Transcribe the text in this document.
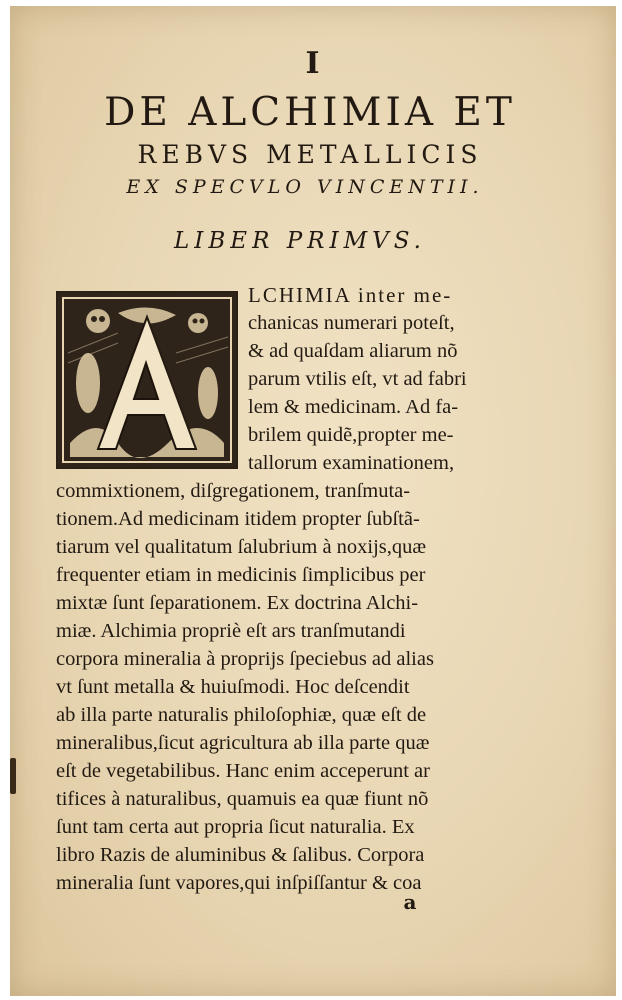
I
DE ALCHIMIA ET
REBVS METALLICIS
EX SPECVLO VINCENTII.
LIBER PRIMVS.
LCHIMIA inter me-
chanicas numerari poteſt,
& ad quaſdam aliarum nõ
parum vtilis eſt, vt ad fabri
lem & medicinam. Ad fa-
brilem quidẽ,propter me-
tallorum examinationem,
commixtionem, diſgregationem, tranſmuta-
tionem.Ad medicinam itidem propter ſubſtã-
tiarum vel qualitatum ſalubrium à noxijs,quæ
frequenter etiam in medicinis ſimplicibus per
mixtæ ſunt ſeparationem. Ex doctrina Alchi-
miæ. Alchimia propriè eſt ars tranſmutandi
corpora mineralia à proprijs ſpeciebus ad alias
vt ſunt metalla & huiuſmodi. Hoc deſcendit
ab illa parte naturalis philoſophiæ, quæ eſt de
mineralibus,ſicut agricultura ab illa parte quæ
eſt de vegetabilibus. Hanc enim acceperunt ar
tifices à naturalibus, quamuis ea quæ fiunt nõ
ſunt tam certa aut propria ſicut naturalia. Ex
libro Razis de aluminibus & ſalibus. Corpora
mineralia ſunt vapores,qui inſpiſſantur & coa
a
